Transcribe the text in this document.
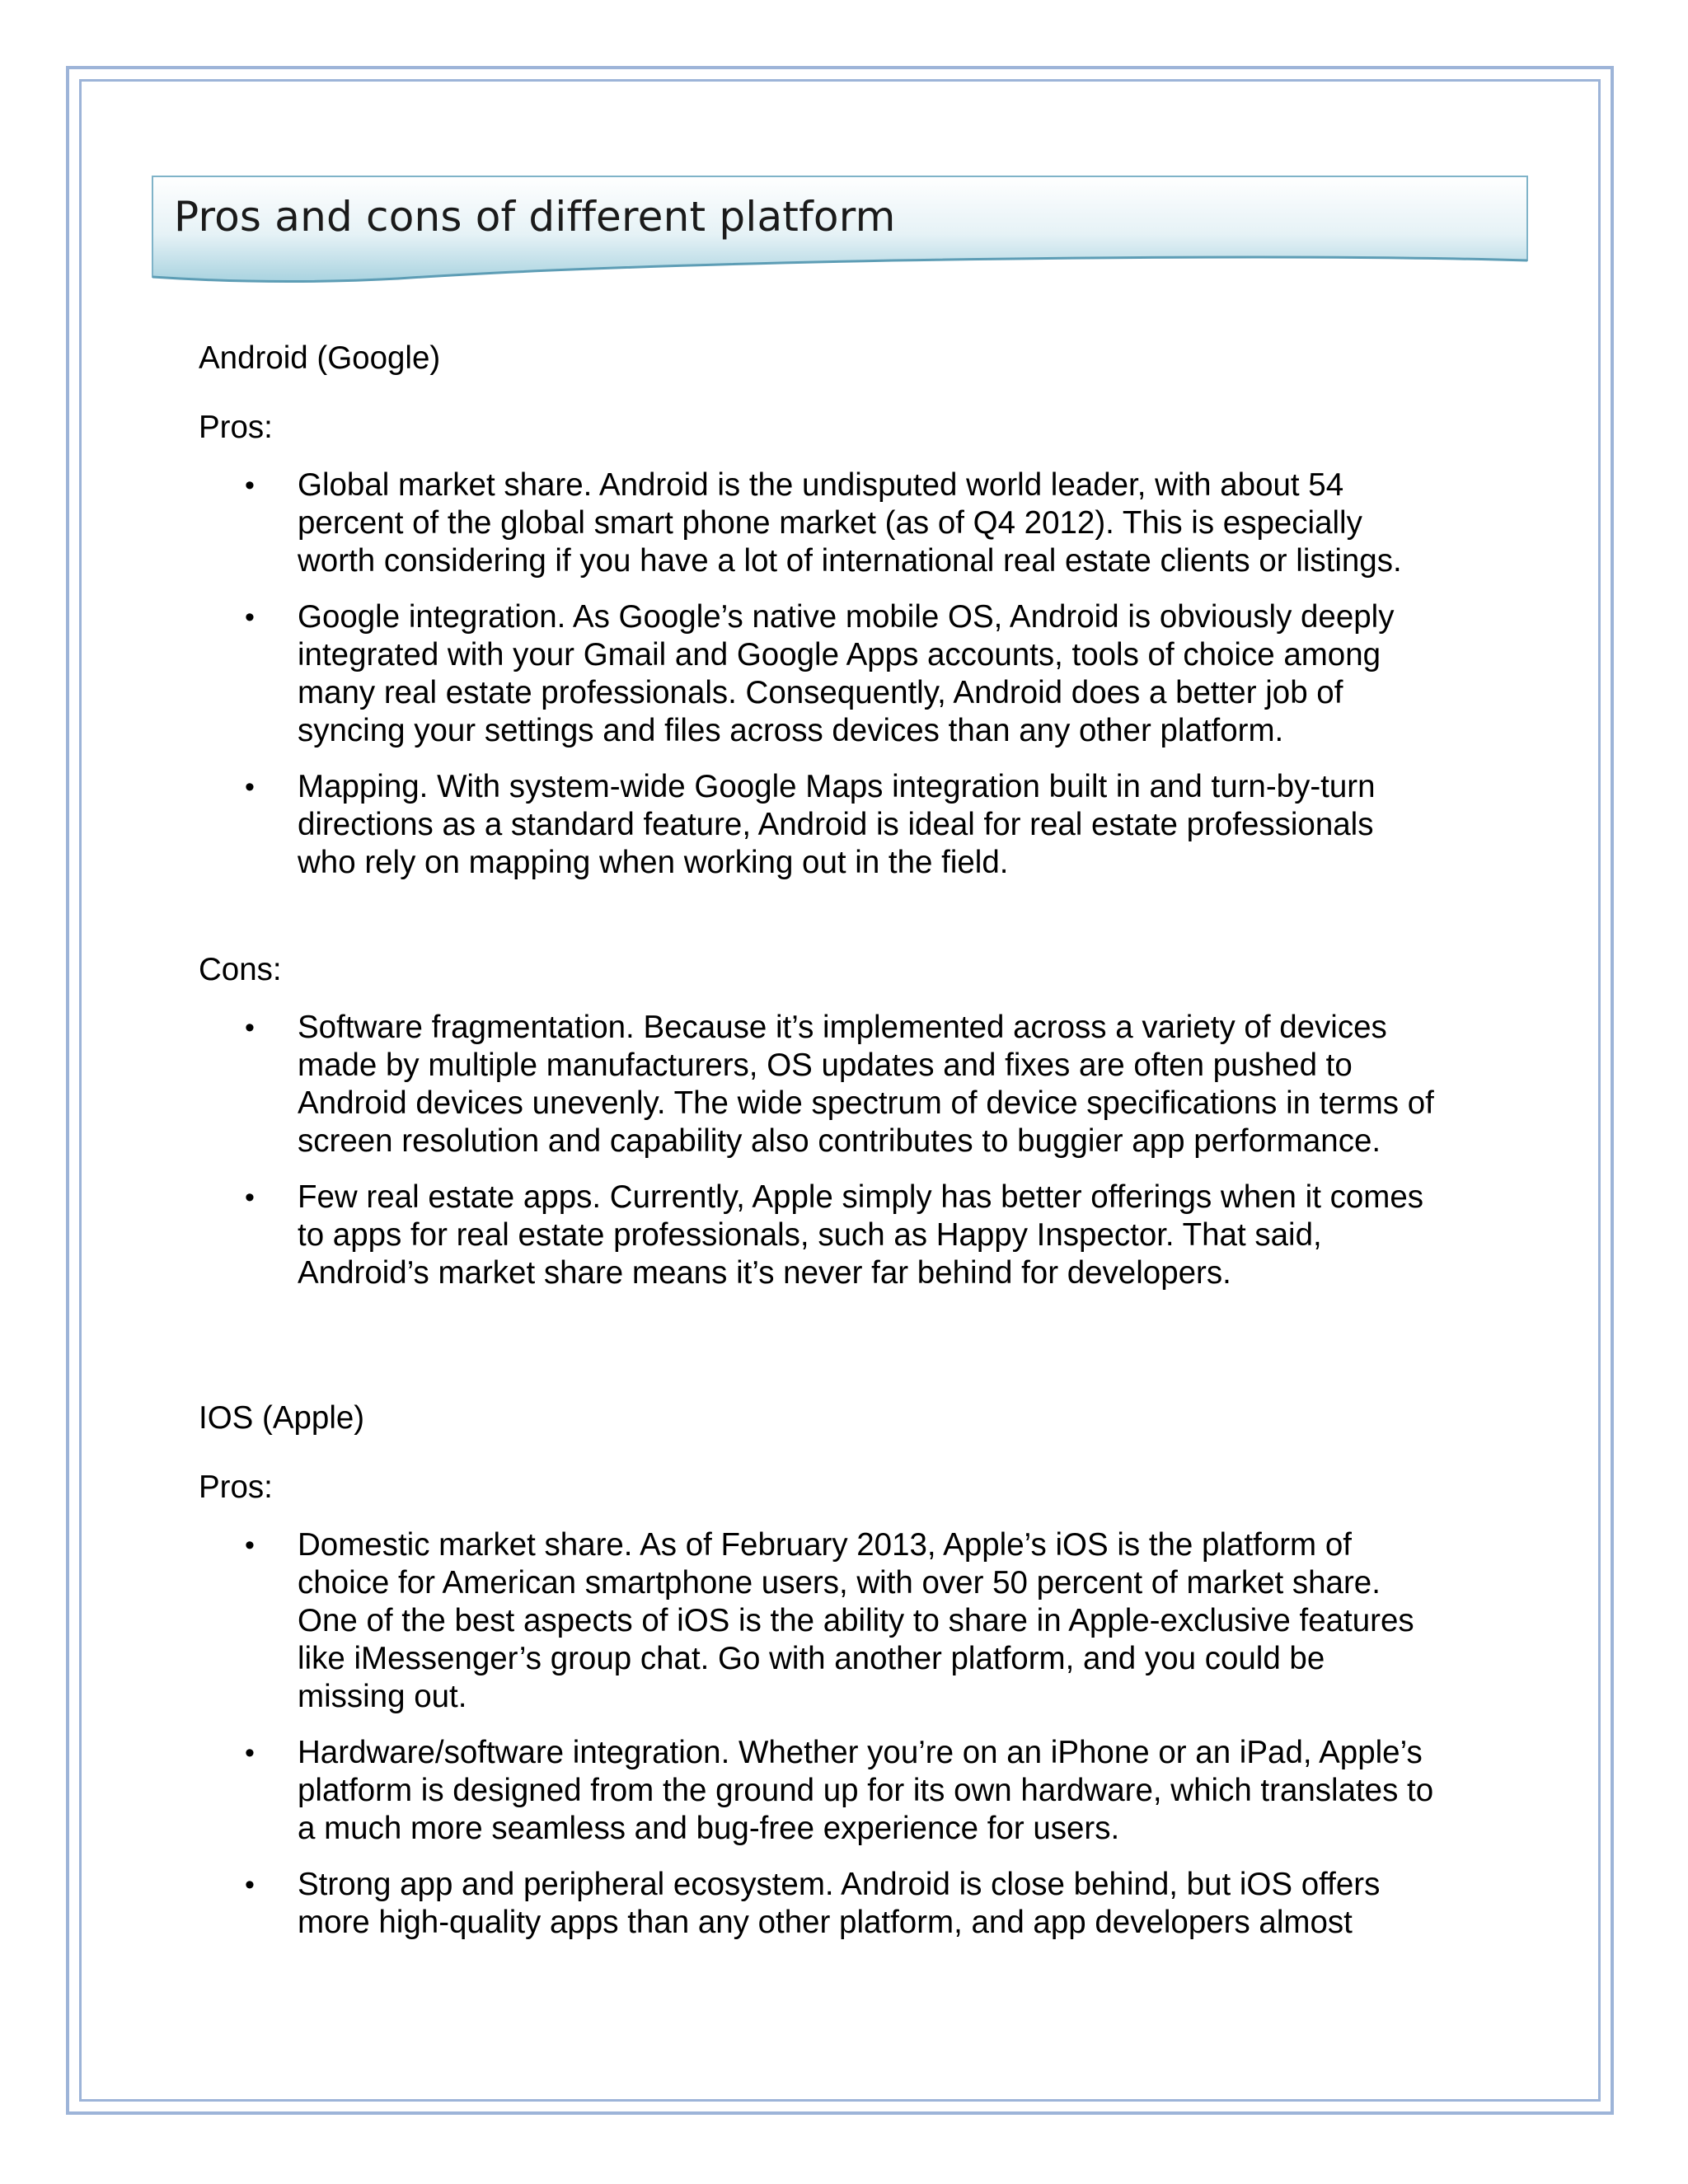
Pros and cons of different platform

Android (Google)

Pros:

• Global market share. Android is the undisputed world leader, with about 54
percent of the global smart phone market (as of Q4 2012). This is especially
worth considering if you have a lot of international real estate clients or listings.
• Google integration. As Google’s native mobile OS, Android is obviously deeply
integrated with your Gmail and Google Apps accounts, tools of choice among
many real estate professionals. Consequently, Android does a better job of
syncing your settings and files across devices than any other platform.
• Mapping. With system-wide Google Maps integration built in and turn-by-turn
directions as a standard feature, Android is ideal for real estate professionals
who rely on mapping when working out in the field.

Cons:

• Software fragmentation. Because it’s implemented across a variety of devices
made by multiple manufacturers, OS updates and fixes are often pushed to
Android devices unevenly. The wide spectrum of device specifications in terms of
screen resolution and capability also contributes to buggier app performance.
• Few real estate apps. Currently, Apple simply has better offerings when it comes
to apps for real estate professionals, such as Happy Inspector. That said,
Android’s market share means it’s never far behind for developers.

IOS (Apple)

Pros:

• Domestic market share. As of February 2013, Apple’s iOS is the platform of
choice for American smartphone users, with over 50 percent of market share.
One of the best aspects of iOS is the ability to share in Apple-exclusive features
like iMessenger’s group chat. Go with another platform, and you could be
missing out.
• Hardware/software integration. Whether you’re on an iPhone or an iPad, Apple’s
platform is designed from the ground up for its own hardware, which translates to
a much more seamless and bug-free experience for users.
• Strong app and peripheral ecosystem. Android is close behind, but iOS offers
more high-quality apps than any other platform, and app developers almost
